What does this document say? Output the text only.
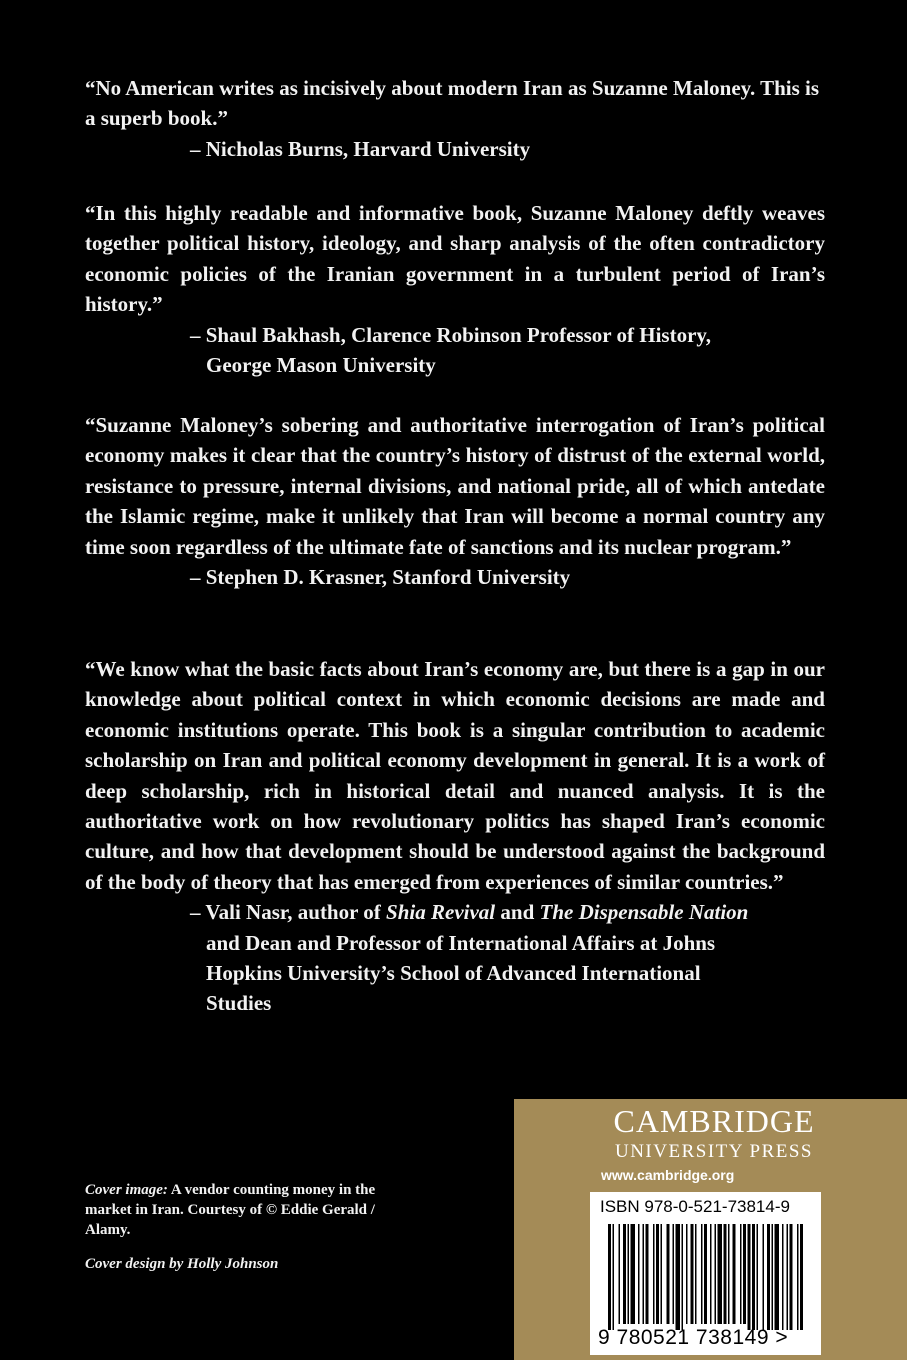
“No American writes as incisively about modern Iran as Suzanne Maloney. This is a superb book.”

– Nicholas Burns, Harvard University

“In this highly readable and informative book, Suzanne Maloney deftly weaves together political history, ideology, and sharp analysis of the often contradictory economic policies of the Iranian government in a turbulent period of Iran’s history.”

– Shaul Bakhash, Clarence Robinson Professor of History,

George Mason University

“Suzanne Maloney’s sobering and authoritative interrogation of Iran’s political economy makes it clear that the country’s history of distrust of the external world, resistance to pressure, internal divisions, and national pride, all of which antedate the Islamic regime, make it unlikely that Iran will become a normal country any time soon regardless of the ultimate fate of sanctions and its nuclear program.”

– Stephen D. Krasner, Stanford University

“We know what the basic facts about Iran’s economy are, but there is a gap in our knowledge about political context in which economic decisions are made and economic institutions operate. This book is a singular contribution to academic scholarship on Iran and political economy development in general. It is a work of deep scholarship, rich in historical detail and nuanced analysis. It is the authoritative work on how revolutionary politics has shaped Iran’s economic culture, and how that development should be understood against the background of the body of theory that has emerged from experiences of similar countries.”

– Vali Nasr, author of Shia Revival and The Dispensable Nation and Dean and Professor of International Affairs at Johns Hopkins University’s School of Advanced International Studies

Cover image: A vendor counting money in the market in Iran. Courtesy of © Eddie Gerald / Alamy.

Cover design by Holly Johnson

CAMBRIDGE
UNIVERSITY PRESS
www.cambridge.org
ISBN 978-0-521-73814-9
9 780521 738149 >
